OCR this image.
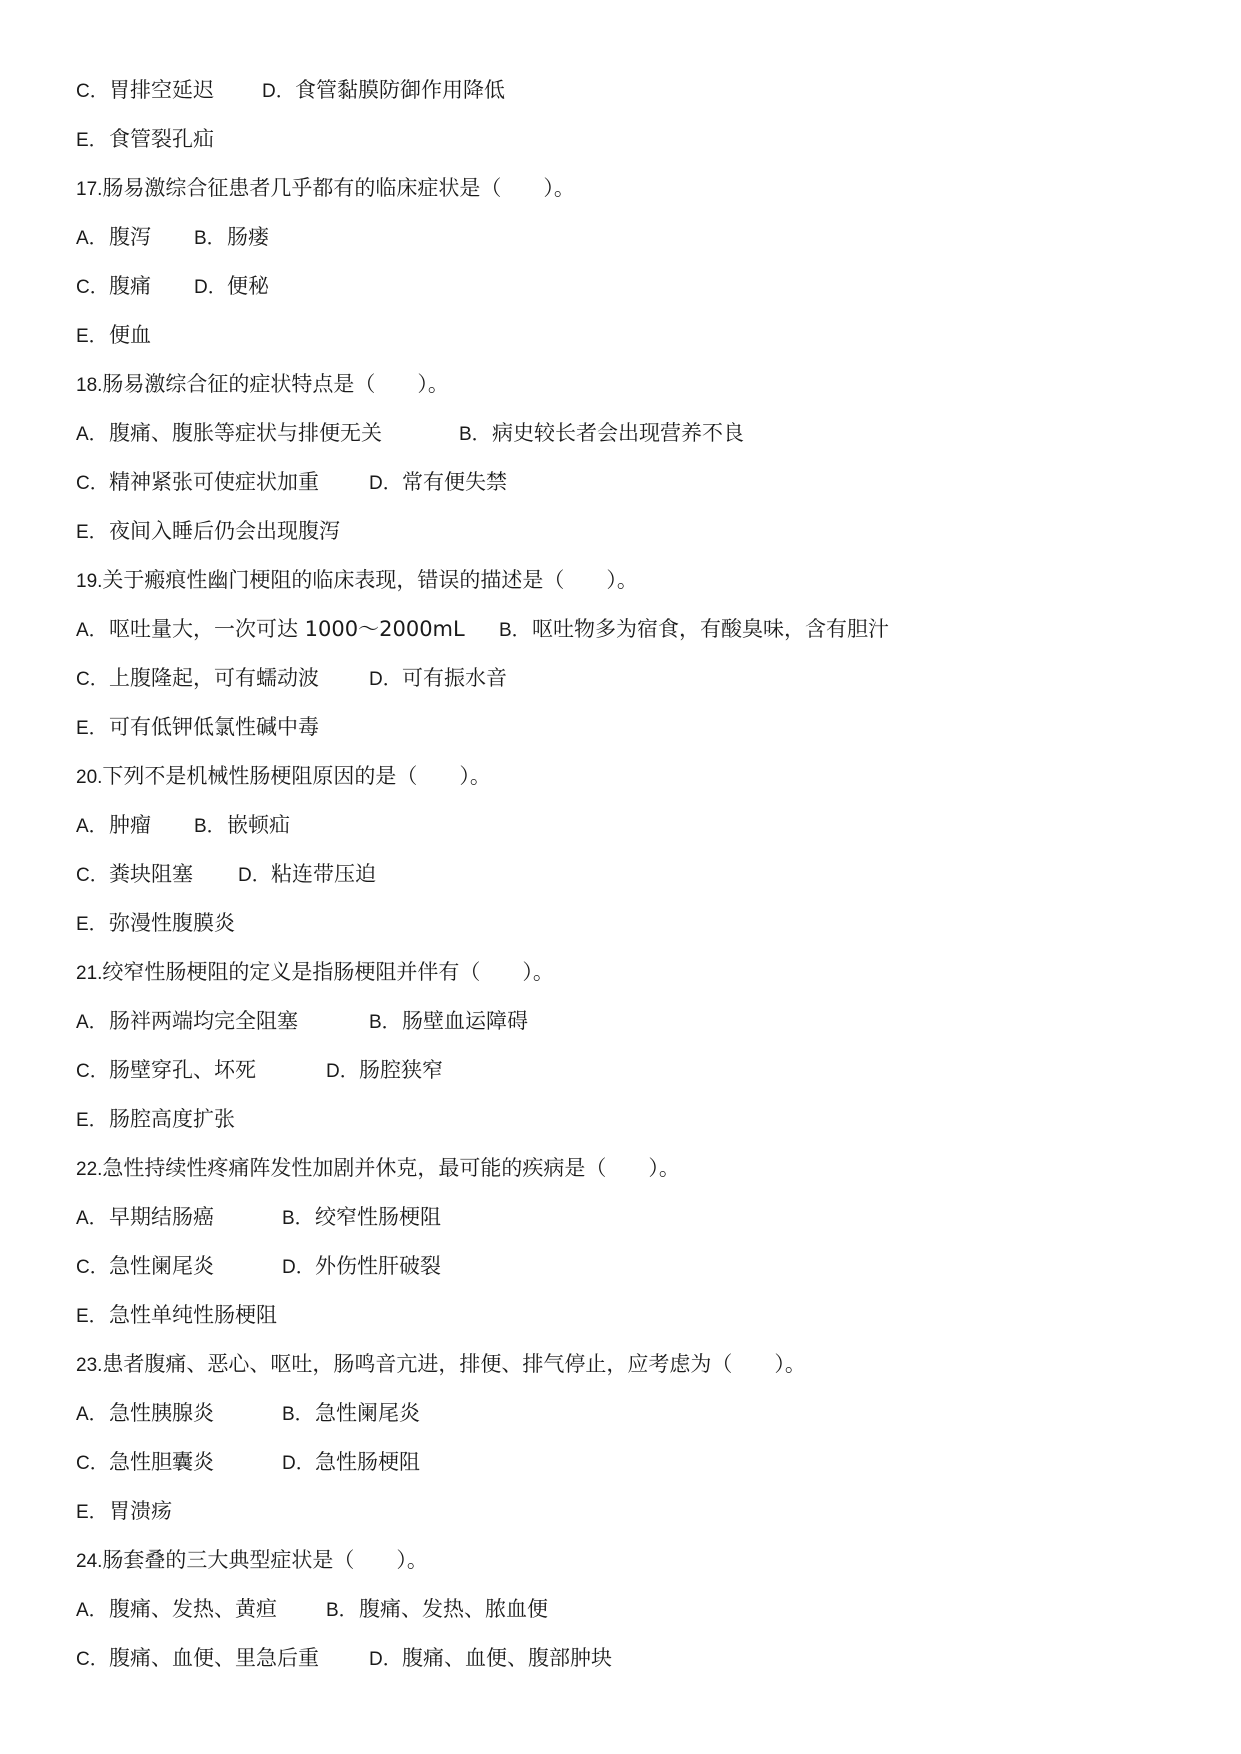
C．胃排空延迟	D．食管黏膜防御作用降低
E．食管裂孔疝
17.肠易激综合征患者几乎都有的临床症状是（　　）。
A．腹泻 B．肠瘘
C．腹痛 D．便秘
E．便血
18.肠易激综合征的症状特点是（　　）。
A．腹痛、腹胀等症状与排便无关	B．病史较长者会出现营养不良
C．精神紧张可使症状加重	D．常有便失禁
E．夜间入睡后仍会出现腹泻
19.关于瘢痕性幽门梗阻的临床表现，错误的描述是（　　）。
A．呕吐量大，一次可达 1000～2000mL B．呕吐物多为宿食，有酸臭味，含有胆汁
C．上腹隆起，可有蠕动波	D．可有振水音
E．可有低钾低氯性碱中毒
20.下列不是机械性肠梗阻原因的是（　　）。
A．肿瘤 B．嵌顿疝
C．粪块阻塞 D．粘连带压迫
E．弥漫性腹膜炎
21.绞窄性肠梗阻的定义是指肠梗阻并伴有（　　）。
A．肠袢两端均完全阻塞	B．肠壁血运障碍
C．肠壁穿孔、坏死	D．肠腔狭窄
E．肠腔高度扩张
22.急性持续性疼痛阵发性加剧并休克，最可能的疾病是（　　）。
A．早期结肠癌	B．绞窄性肠梗阻
C．急性阑尾炎	D．外伤性肝破裂
E．急性单纯性肠梗阻
23.患者腹痛、恶心、呕吐，肠鸣音亢进，排便、排气停止，应考虑为（　　）。
A．急性胰腺炎	B．急性阑尾炎
C．急性胆囊炎	D．急性肠梗阻
E．胃溃疡
24.肠套叠的三大典型症状是（　　）。
A．腹痛、发热、黄疸	B．腹痛、发热、脓血便
C．腹痛、血便、里急后重	D．腹痛、血便、腹部肿块
